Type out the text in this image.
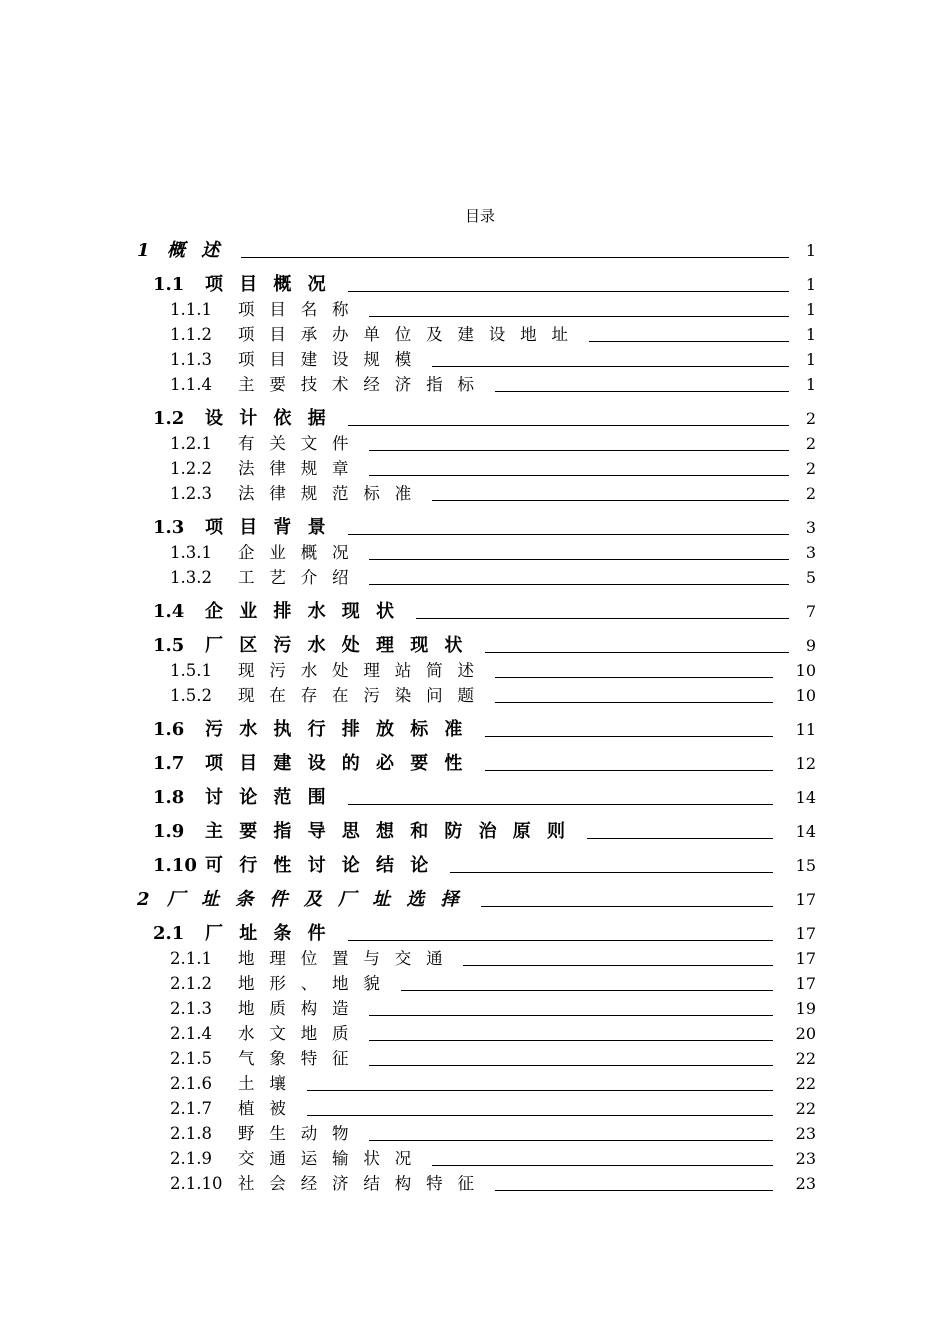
目录
1 概述	1
1.1 项目概况	1
1.1.1 项目名称	1
1.1.2 项目承办单位及建设地址	1
1.1.3 项目建设规模	1
1.1.4 主要技术经济指标	1
1.2 设计依据	2
1.2.1 有关文件	2
1.2.2 法律规章	2
1.2.3 法律规范标准	2
1.3 项目背景	3
1.3.1 企业概况	3
1.3.2 工艺介绍	5
1.4 企业排水现状	7
1.5 厂区污水处理现状	9
1.5.1 现污水处理站简述	10
1.5.2 现在存在污染问题	10
1.6 污水执行排放标准	11
1.7 项目建设的必要性	12
1.8 讨论范围	14
1.9 主要指导思想和防治原则	14
1.10 可行性讨论结论	15
2 厂址条件及厂址选择	17
2.1 厂址条件	17
2.1.1 地理位置与交通	17
2.1.2 地形、地貌	17
2.1.3 地质构造	19
2.1.4 水文地质	20
2.1.5 气象特征	22
2.1.6 土壤	22
2.1.7 植被	22
2.1.8 野生动物	23
2.1.9 交通运输状况	23
2.1.10 社会经济结构特征	23
